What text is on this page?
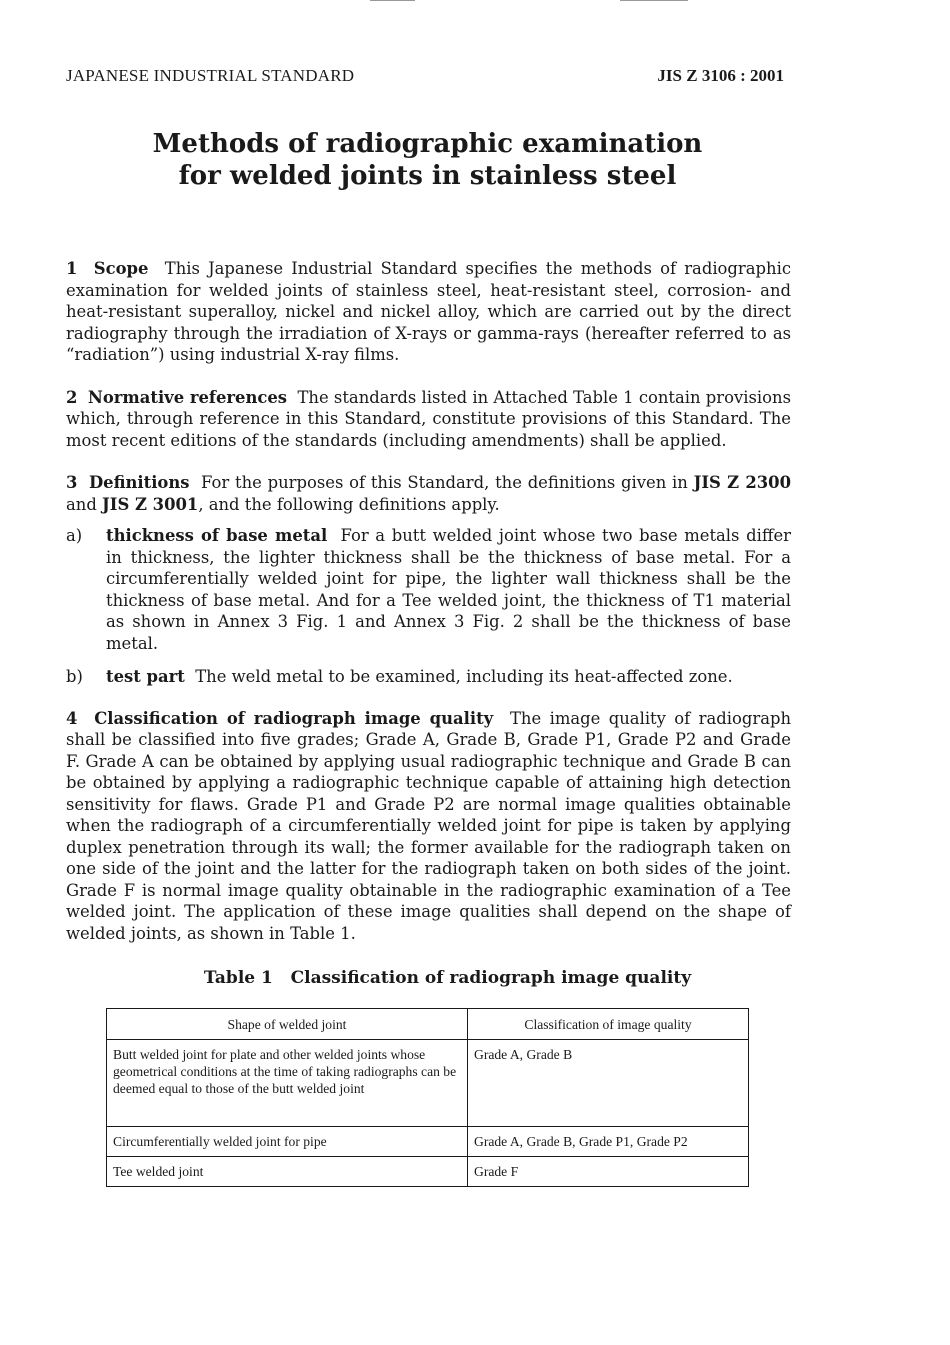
JAPANESE INDUSTRIAL STANDARD	JIS Z 3106 : 2001
Methods of radiographic examination
for welded joints in stainless steel

1 Scope This Japanese Industrial Standard specifies the methods of radiographic examination for welded joints of stainless steel, heat-resistant steel, corrosion- and heat-resistant superalloy, nickel and nickel alloy, which are carried out by the direct radiography through the irradiation of X-rays or gamma-rays (hereafter referred to as “radiation”) using industrial X-ray films.

2 Normative references The standards listed in Attached Table 1 contain provisions which, through reference in this Standard, constitute provisions of this Standard. The most recent editions of the standards (including amendments) shall be applied.

3 Definitions For the purposes of this Standard, the definitions given in JIS Z 2300 and JIS Z 3001, and the following definitions apply.

a)	thickness of base metal For a butt welded joint whose two base metals differ in thickness, the lighter thickness shall be the thickness of base metal. For a circumferentially welded joint for pipe, the lighter wall thickness shall be the thickness of base metal. And for a Tee welded joint, the thickness of T1 material as shown in Annex 3 Fig. 1 and Annex 3 Fig. 2 shall be the thickness of base metal.
b)	test part The weld metal to be examined, including its heat-affected zone.

4 Classification of radiograph image quality The image quality of radiograph shall be classified into five grades; Grade A, Grade B, Grade P1, Grade P2 and Grade F. Grade A can be obtained by applying usual radiographic technique and Grade B can be obtained by applying a radiographic technique capable of attaining high detection sensitivity for flaws. Grade P1 and Grade P2 are normal image qualities obtainable when the radiograph of a circumferentially welded joint for pipe is taken by applying duplex penetration through its wall; the former available for the radiograph taken on one side of the joint and the latter for the radiograph taken on both sides of the joint. Grade F is normal image quality obtainable in the radiographic examination of a Tee welded joint. The application of these image qualities shall depend on the shape of welded joints, as shown in Table 1.

Table 1   Classification of radiograph image quality
Shape of welded joint	Classification of image quality
Butt welded joint for plate and other welded joints whose geometrical conditions at the time of taking radiographs can be deemed equal to those of the butt welded joint	Grade A, Grade B
Circumferentially welded joint for pipe	Grade A, Grade B, Grade P1, Grade P2
Tee welded joint	Grade F
